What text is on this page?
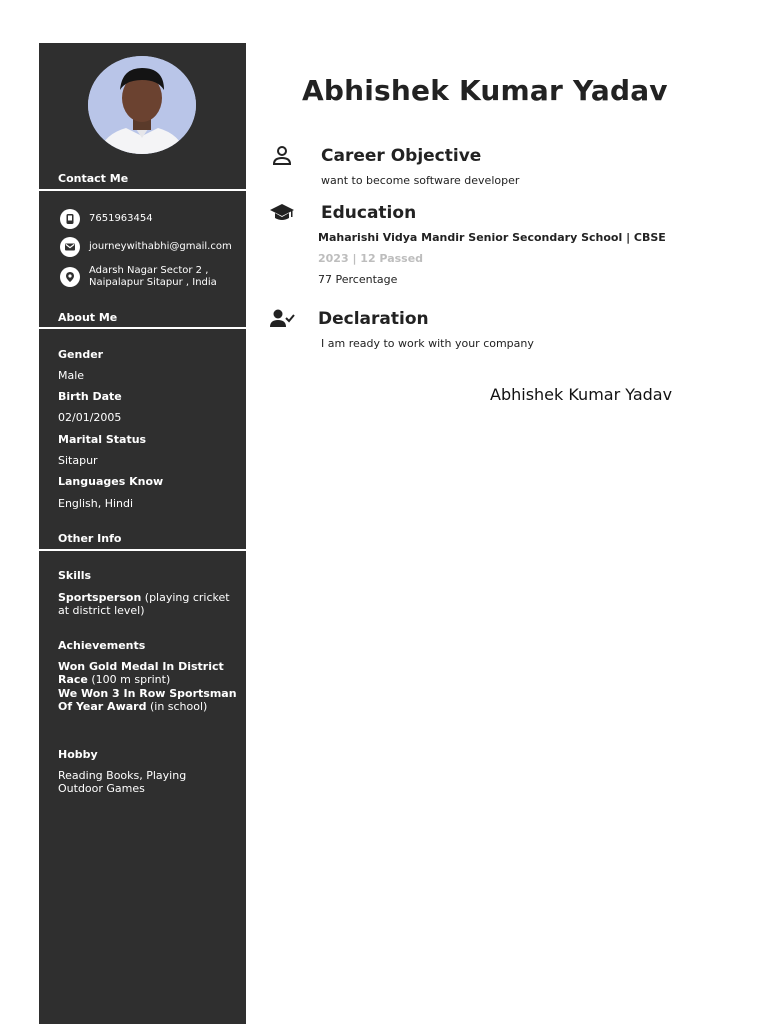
Contact Me
7651963454
journeywithabhi@gmail.com
Adarsh Nagar Sector 2 ,
Naipalapur Sitapur , India
About Me
Gender
Male
Birth Date
02/01/2005
Marital Status
Sitapur
Languages Know
English, Hindi
Other Info
Skills
Sportsperson (playing cricket at district level)
Achievements
Won Gold Medal In District Race (100 m sprint)
We Won 3 In Row Sportsman Of Year Award (in school)
Hobby
Reading Books, Playing Outdoor Games
Abhishek Kumar Yadav
Career Objective
want to become software developer
Education
Maharishi Vidya Mandir Senior Secondary School | CBSE
2023 | 12 Passed
77 Percentage
Declaration
I am ready to work with your company
Abhishek Kumar Yadav
